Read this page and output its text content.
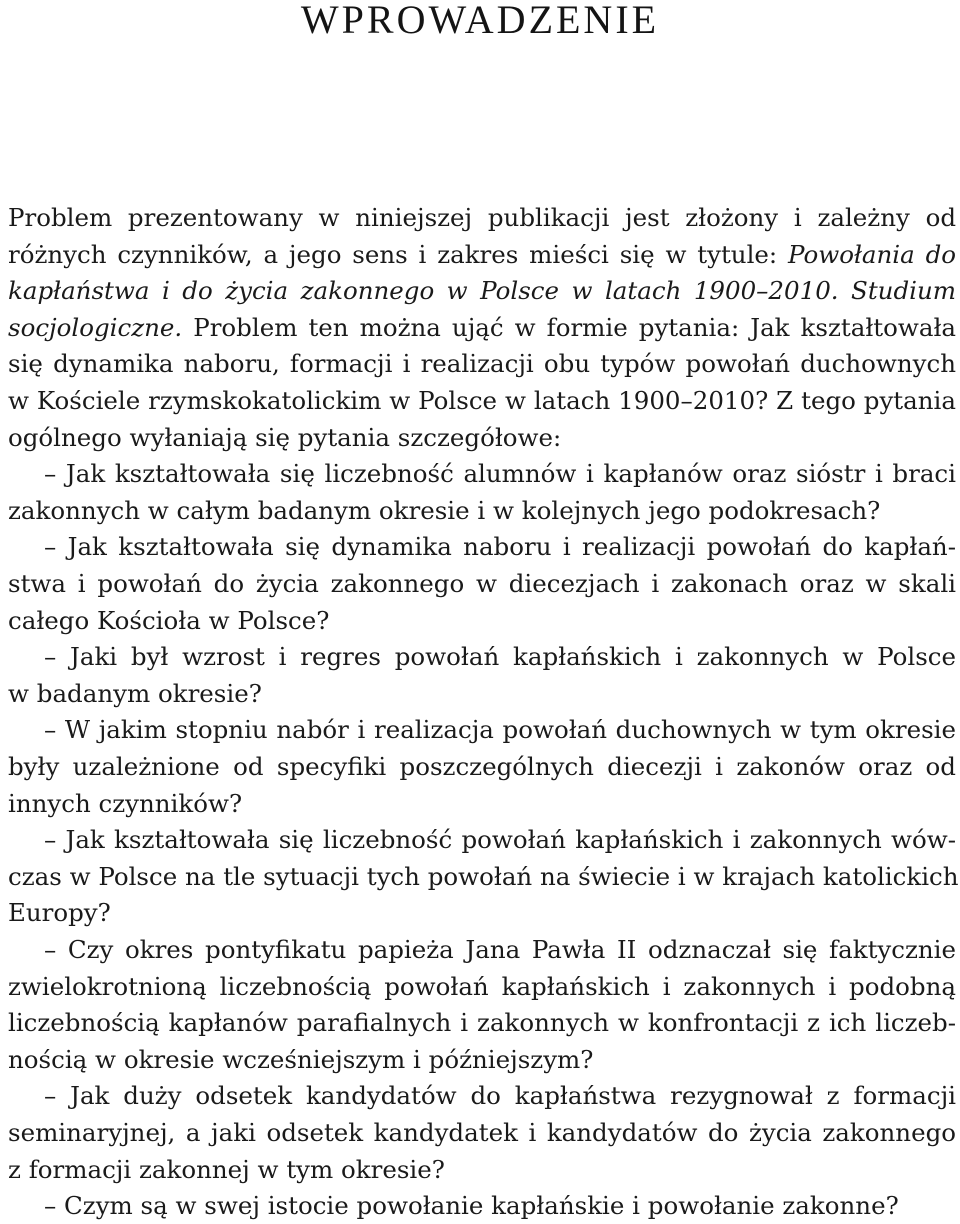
WPROWADZENIE
Problem prezentowany w niniejszej publikacji jest złożony i zależny od
różnych czynników, a jego sens i zakres mieści się w tytule: Powołania do
kapłaństwa i do życia zakonnego w Polsce w latach 1900–2010. Studium
socjologiczne. Problem ten można ująć w formie pytania: Jak kształtowała
się dynamika naboru, formacji i realizacji obu typów powołań duchownych
w Kościele rzymskokatolickim w Polsce w latach 1900–2010? Z tego pytania
ogólnego wyłaniają się pytania szczegółowe:
– Jak kształtowała się liczebność alumnów i kapłanów oraz sióstr i braci
zakonnych w całym badanym okresie i w kolejnych jego podokresach?
– Jak kształtowała się dynamika naboru i realizacji powołań do kapłań-
stwa i powołań do życia zakonnego w diecezjach i zakonach oraz w skali
całego Kościoła w Polsce?
– Jaki był wzrost i regres powołań kapłańskich i zakonnych w Polsce
w badanym okresie?
– W jakim stopniu nabór i realizacja powołań duchownych w tym okresie
były uzależnione od specyfiki poszczególnych diecezji i zakonów oraz od
innych czynników?
– Jak kształtowała się liczebność powołań kapłańskich i zakonnych wów-
czas w Polsce na tle sytuacji tych powołań na świecie i w krajach katolickich
Europy?
– Czy okres pontyfikatu papieża Jana Pawła II odznaczał się faktycznie
zwielokrotnioną liczebnością powołań kapłańskich i zakonnych i podobną
liczebnością kapłanów parafialnych i zakonnych w konfrontacji z ich liczeb-
nością w okresie wcześniejszym i późniejszym?
– Jak duży odsetek kandydatów do kapłaństwa rezygnował z formacji
seminaryjnej, a jaki odsetek kandydatek i kandydatów do życia zakonnego
z formacji zakonnej w tym okresie?
– Czym są w swej istocie powołanie kapłańskie i powołanie zakonne?
